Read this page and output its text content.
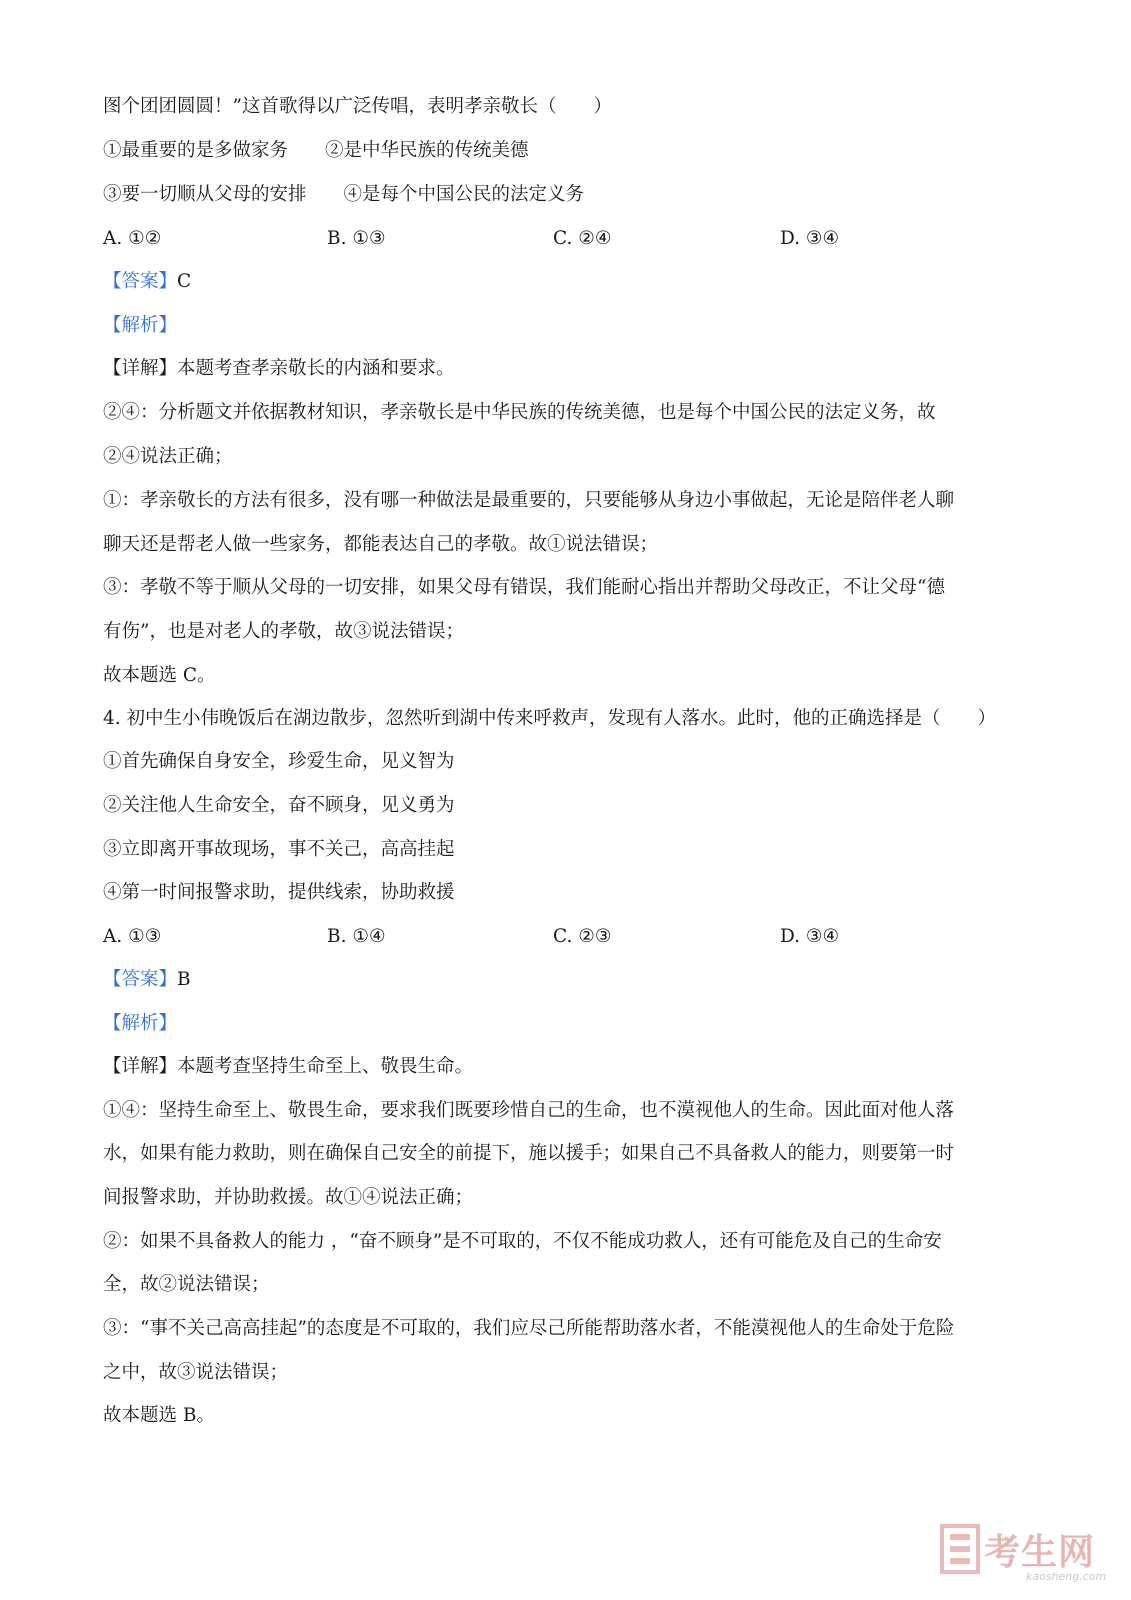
图个团团圆圆！”这首歌得以广泛传唱，表明孝亲敬长（　　）
①最重要的是多做家务　　②是中华民族的传统美德
③要一切顺从父母的安排　　④是每个中国公民的法定义务
A. ①②	B. ①③	C. ②④	D. ③④
【答案】C
【解析】
【详解】本题考查孝亲敬长的内涵和要求。
②④：分析题文并依据教材知识，孝亲敬长是中华民族的传统美德，也是每个中国公民的法定义务，故
②④说法正确；
①：孝亲敬长的方法有很多，没有哪一种做法是最重要的，只要能够从身边小事做起，无论是陪伴老人聊
聊天还是帮老人做一些家务，都能表达自己的孝敬。故①说法错误；
③：孝敬不等于顺从父母的一切安排，如果父母有错误，我们能耐心指出并帮助父母改正，不让父母“德
有伤”，也是对老人的孝敬，故③说法错误；
故本题选 C。
4. 初中生小伟晚饭后在湖边散步，忽然听到湖中传来呼救声，发现有人落水。此时，他的正确选择是（　　）
①首先确保自身安全，珍爱生命，见义智为
②关注他人生命安全，奋不顾身，见义勇为
③立即离开事故现场，事不关己，高高挂起
④第一时间报警求助，提供线索，协助救援
A. ①③	B. ①④	C. ②③	D. ③④
【答案】B
【解析】
【详解】本题考查坚持生命至上、敬畏生命。
①④：坚持生命至上、敬畏生命，要求我们既要珍惜自己的生命，也不漠视他人的生命。因此面对他人落
水，如果有能力救助，则在确保自己安全的前提下，施以援手；如果自己不具备救人的能力，则要第一时
间报警求助，并协助救援。故①④说法正确；
②：如果不具备救人的能力 ，“奋不顾身”是不可取的，不仅不能成功救人，还有可能危及自己的生命安
全，故②说法错误；
③：“事不关己高高挂起”的态度是不可取的，我们应尽己所能帮助落水者，不能漠视他人的生命处于危险
之中，故③说法错误；
故本题选 B。
考生网
kaosheng.com
